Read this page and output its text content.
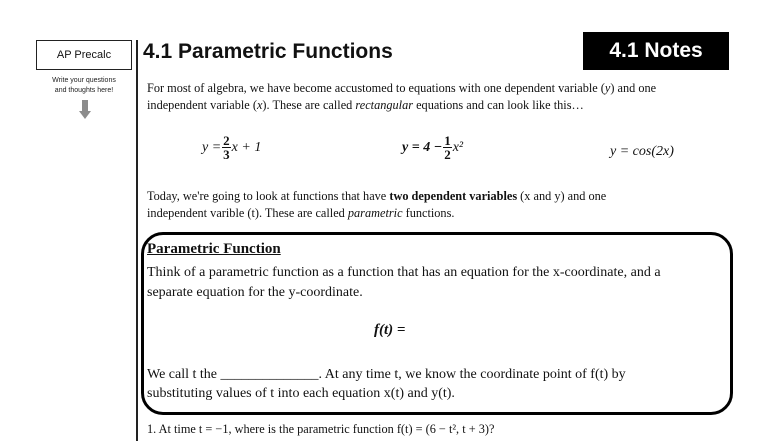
AP Precalc
Write your questions
and thoughts here!
4.1 Parametric Functions	4.1 Notes
For most of algebra, we have become accustomed to equations with one dependent variable (y) and one
independent variable (x). These are called rectangular equations and can look like this…
$y = \frac{2}{3}$ x + 1	$y = 4 - \frac{1}{2} x^2$	y = cos(2x)
Today, we're going to look at functions that have two dependent variables (x and y) and one
independent varible (t). These are called parametric functions.
Parametric Function
Think of a parametric function as a function that has an equation for the x-coordinate, and a
separate equation for the y-coordinate.
f(t) =
We call t the ______________. At any time t, we know the coordinate point of f(t) by
substituting values of t into each equation x(t) and y(t).
1. At time t = −1, where is the parametric function f(t) = (6 − t², t + 3)?
